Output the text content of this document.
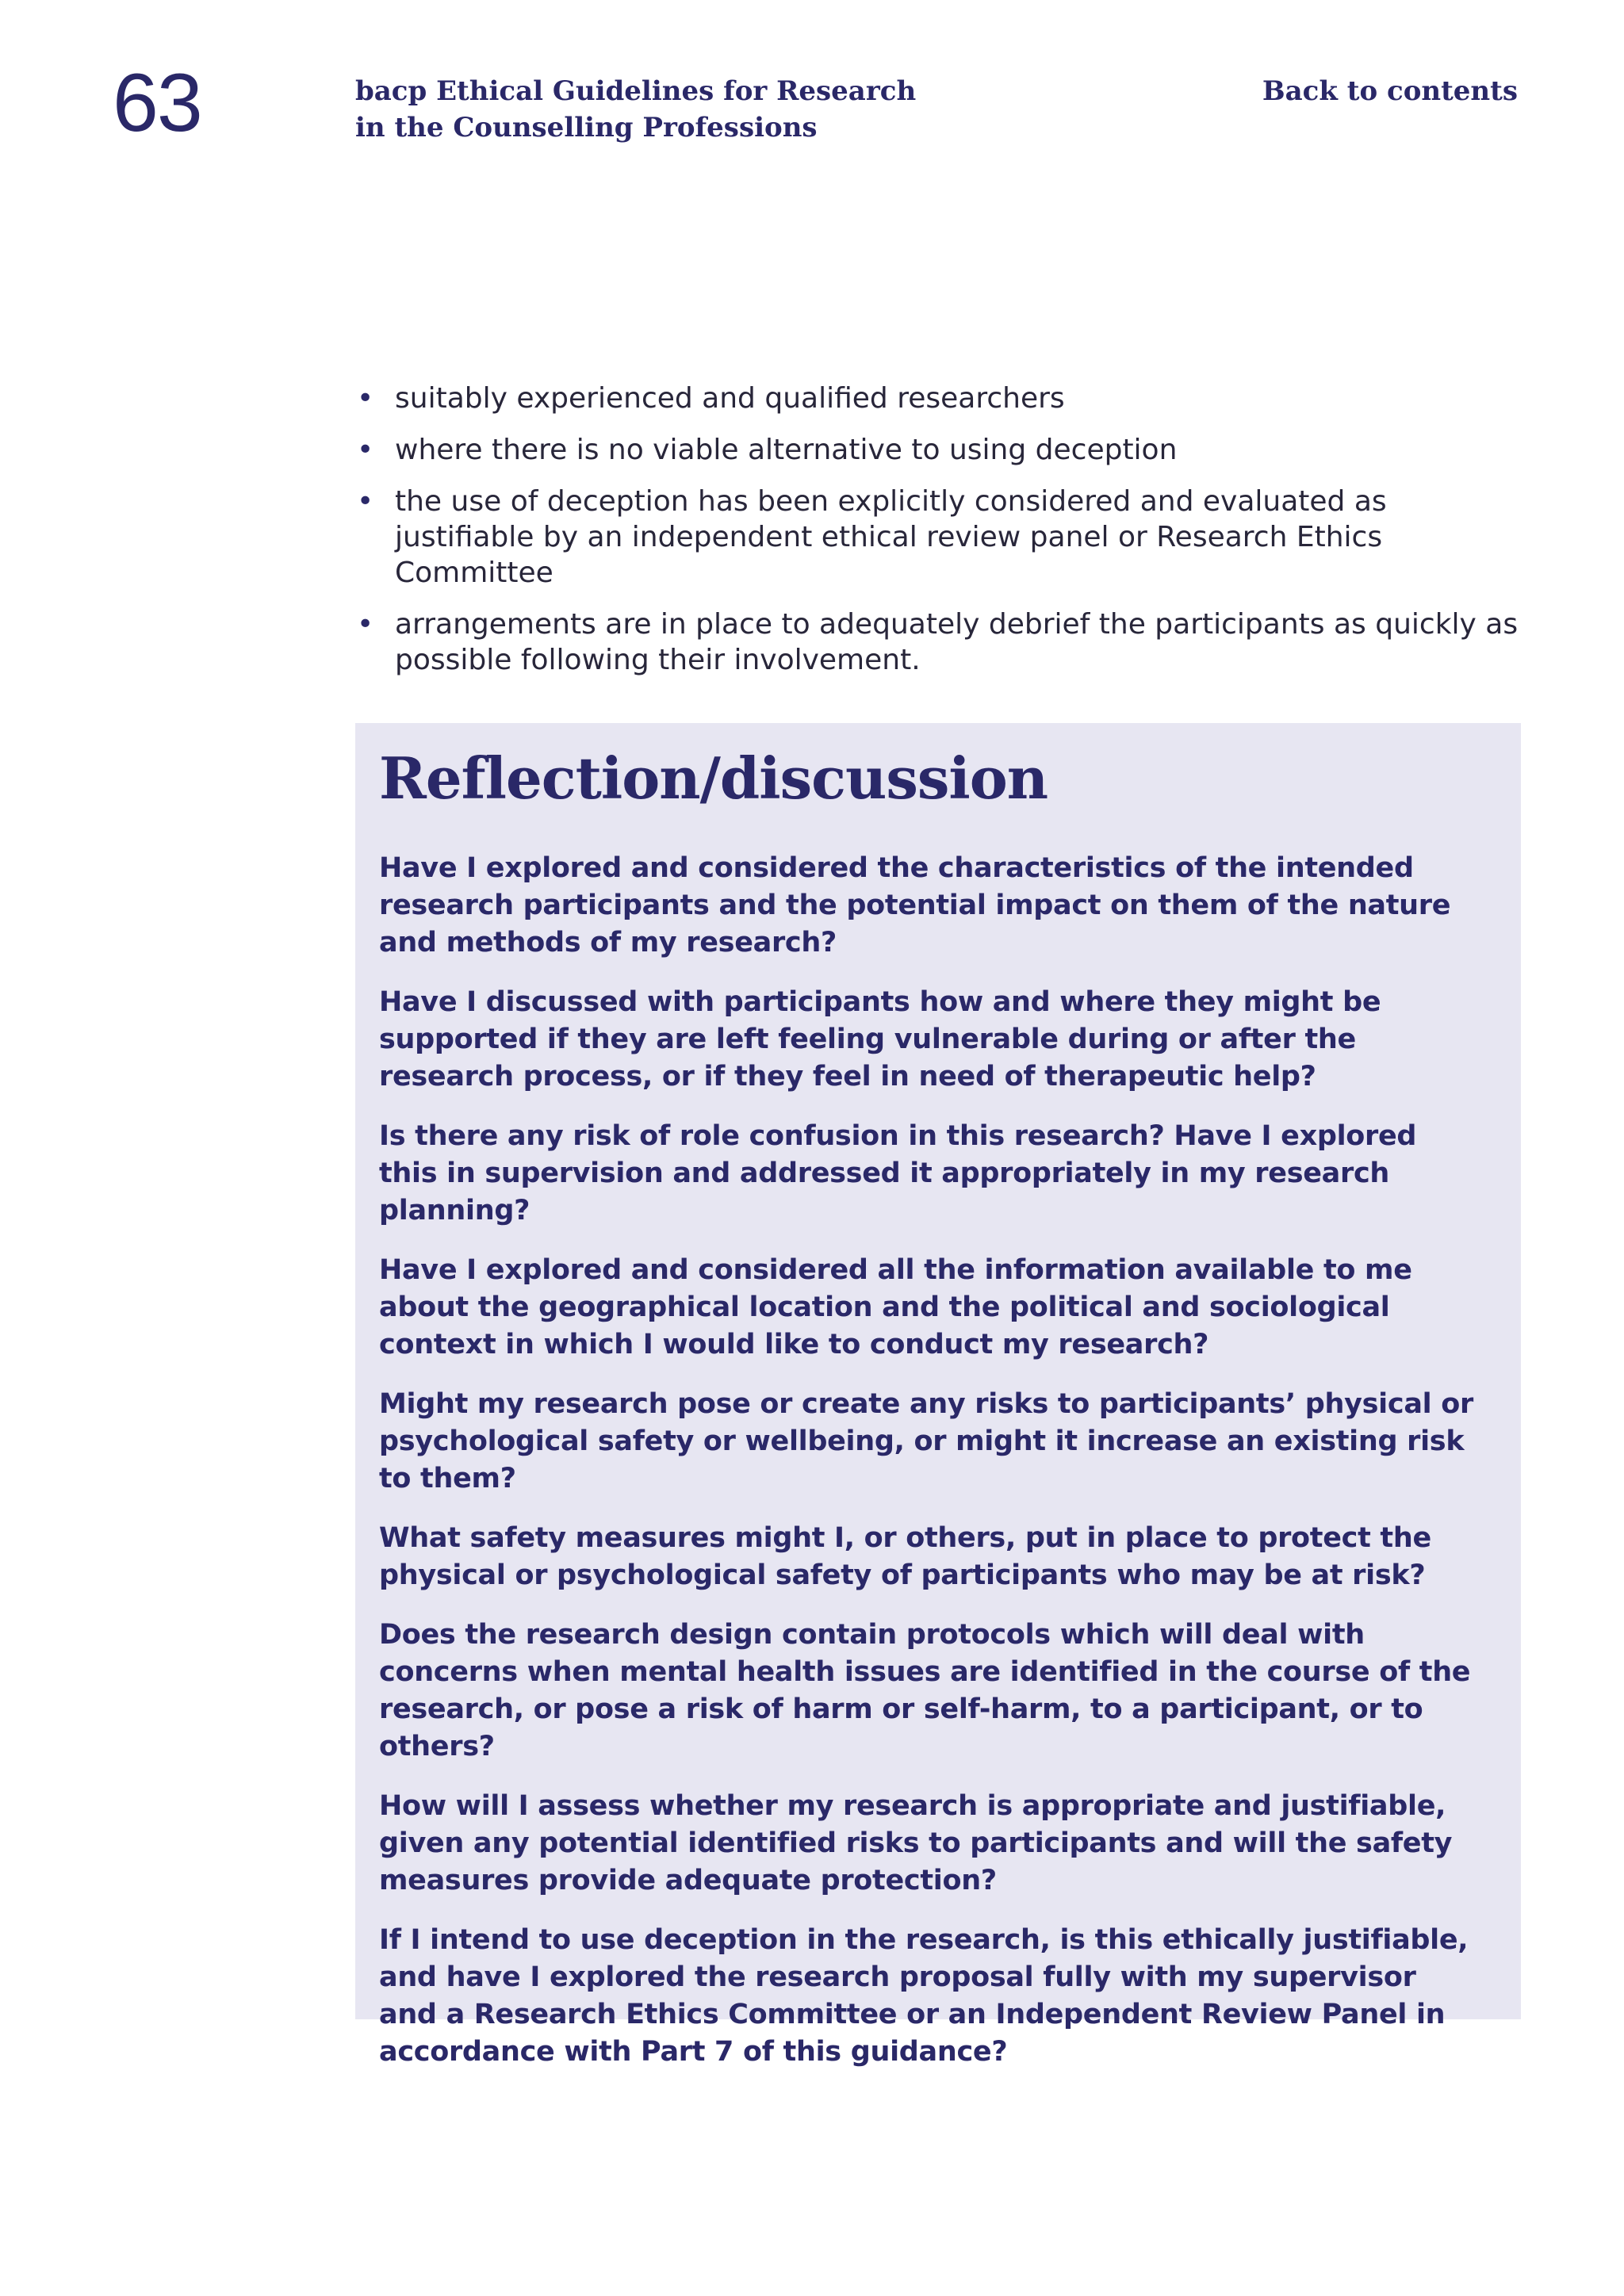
63	bacp Ethical Guidelines for Research
in the Counselling Professions
Back to contents
• suitably experienced and qualified researchers
• where there is no viable alternative to using deception
• the use of deception has been explicitly considered and evaluated as justifiable by an independent ethical review panel or Research Ethics Committee
• arrangements are in place to adequately debrief the participants as quickly as possible following their involvement.
Reflection/discussion

Have I explored and considered the characteristics of the intended research participants and the potential impact on them of the nature and methods of my research?

Have I discussed with participants how and where they might be supported if they are left feeling vulnerable during or after the research process, or if they feel in need of therapeutic help?

Is there any risk of role confusion in this research? Have I explored this in supervision and addressed it appropriately in my research planning?

Have I explored and considered all the information available to me about the geographical location and the political and sociological context in which I would like to conduct my research?

Might my research pose or create any risks to participants’ physical or psychological safety or wellbeing, or might it increase an existing risk to them?

What safety measures might I, or others, put in place to protect the physical or psychological safety of participants who may be at risk?

Does the research design contain protocols which will deal with concerns when mental health issues are identified in the course of the research, or pose a risk of harm or self-harm, to a participant, or to others?

How will I assess whether my research is appropriate and justifiable, given any potential identified risks to participants and will the safety measures provide adequate protection?

If I intend to use deception in the research, is this ethically justifiable, and have I explored the research proposal fully with my supervisor and a Research Ethics Committee or an Independent Review Panel in accordance with Part 7 of this guidance?
